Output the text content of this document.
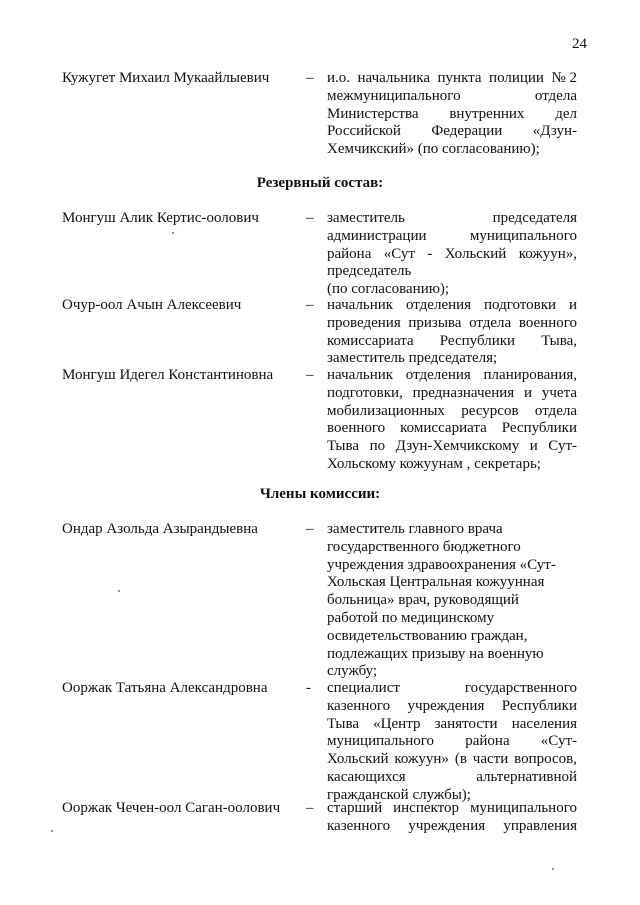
24
Кужугет Михаил Мукаайлыевич – и.о. начальника пункта полиции №2
межмуниципального отдела
Министерства внутренних дел
Российской Федерации «Дзун-
Хемчикский» (по согласованию);
Резервный состав:
Монгуш Алик Кертис-оолович	– заместитель председателя
администрации муниципального
района «Сут - Хольский кожуун»,
председатель
(по согласованию);
Очур-оол Ачын Алексеевич	– начальник отделения подготовки и
проведения призыва отдела военного
комиссариата Республики Тыва,
заместитель председателя;
Монгуш Идегел Константиновна – начальник отделения планирования,
подготовки, предназначения и учета
мобилизационных ресурсов отдела
военного комиссариата Республики
Тыва по Дзун-Хемчикскому и Сут-
Хольскому кожуунам , секретарь;
Члены комиссии:
Ондар Азольда Азырандыевна	– заместитель главного врача
государственного бюджетного
учреждения здравоохранения «Сут-
Хольская Центральная кожуунная
больница» врач, руководящий
работой по медицинскому
освидетельствованию граждан,
подлежащих призыву на военную
службу;
Ооржак Татьяна Александровна	- специалист государственного
казенного учреждения Республики
Тыва «Центр занятости населения
муниципального района «Сут-
Хольский кожуун» (в части вопросов,
касающихся альтернативной
гражданской службы);
Ооржак Чечен-оол Саган-оолович – старший инспектор муниципального
казенного учреждения управления
